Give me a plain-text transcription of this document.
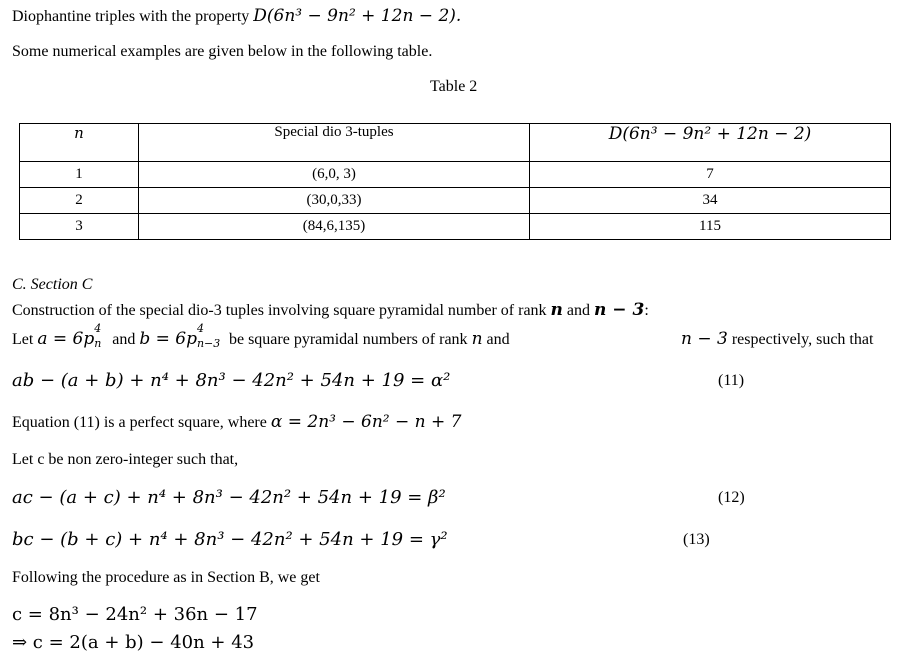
Diophantine triples with the property D(6n³ − 9n² + 12n − 2).
Some numerical examples are given below in the following table.
Table 2
n	Special dio 3-tuples	D(6n³ − 9n² + 12n − 2)
1	(6,0, 3)	7
2	(30,0,33)	34
3	(84,6,135)	115
C. Section C
Construction of the special dio-3 tuples involving square pyramidal number of rank n and n − 3:
Let a = 6p
4
n and b = 6p
4
n−3 be square pyramidal numbers of rank n and	n − 3 respectively, such that
ab − (a + b) + n⁴ + 8n³ − 42n² + 54n + 19 = α²	(11)
Equation (11) is a perfect square, where α = 2n³ − 6n² − n + 7
Let c be non zero-integer such that,
ac − (a + c) + n⁴ + 8n³ − 42n² + 54n + 19 = β²	(12)
bc − (b + c) + n⁴ + 8n³ − 42n² + 54n + 19 = γ²	(13)
Following the procedure as in Section B, we get
c = 8n³ − 24n² + 36n − 17
⇒ c = 2(a + b) − 40n + 43
